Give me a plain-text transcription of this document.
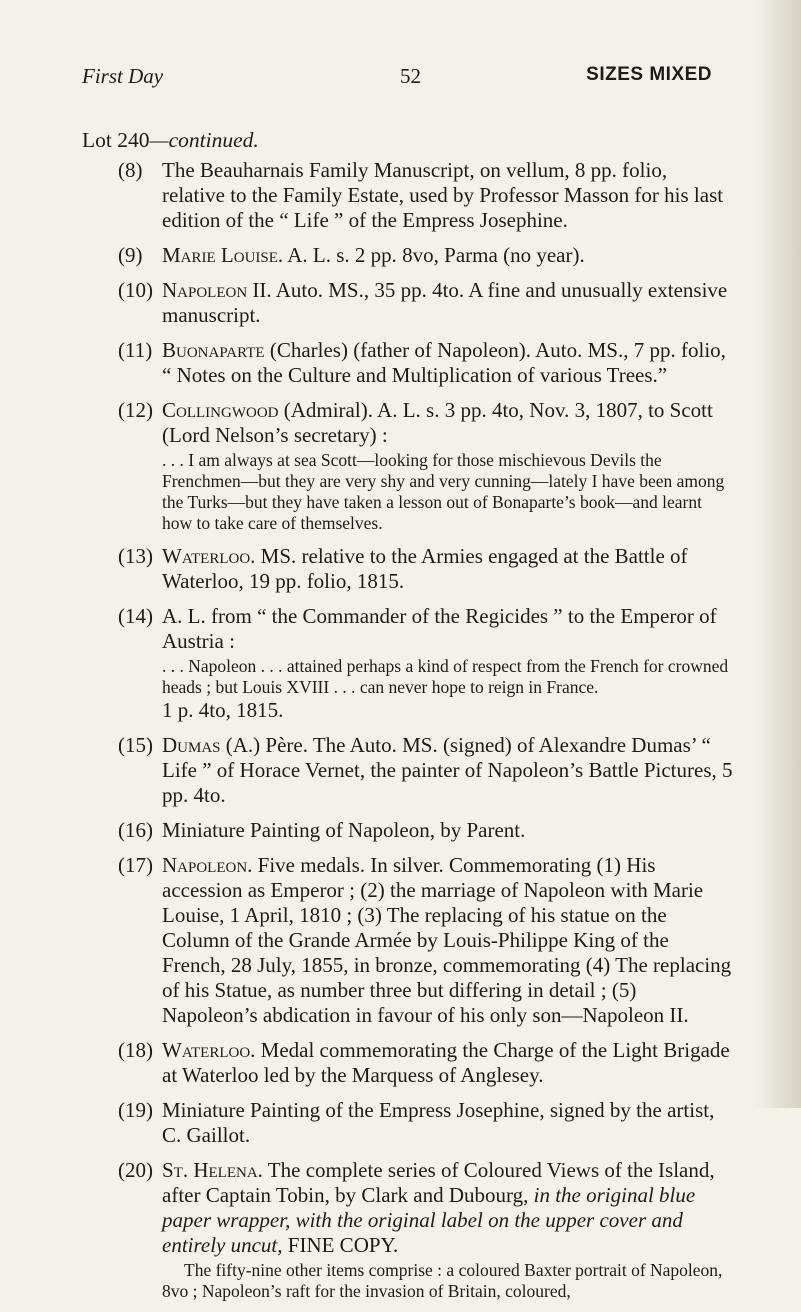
First Day	52	SIZES MIXED
Lot 240—continued.
(8) The Beauharnais Family Manuscript, on vellum, 8 pp. folio, relative to the Family Estate, used by Professor Masson for his last edition of the “ Life ” of the Empress Josephine.
(9) Marie Louise. A. L. s. 2 pp. 8vo, Parma (no year).
(10) Napoleon II. Auto. MS., 35 pp. 4to. A fine and unusually extensive manuscript.
(11) Buonaparte (Charles) (father of Napoleon). Auto. MS., 7 pp. folio, “ Notes on the Culture and Multiplication of various Trees.”
(12) Collingwood (Admiral). A. L. s. 3 pp. 4to, Nov. 3, 1807, to Scott (Lord Nelson’s secretary) :
. . . I am always at sea Scott—looking for those mischievous Devils the Frenchmen—but they are very shy and very cunning—lately I have been among the Turks—but they have taken a lesson out of Bonaparte’s book—and learnt how to take care of themselves.
(13) Waterloo. MS. relative to the Armies engaged at the Battle of Waterloo, 19 pp. folio, 1815.
(14) A. L. from “ the Commander of the Regicides ” to the Emperor of Austria :
. . . Napoleon . . . attained perhaps a kind of respect from the French for crowned heads ; but Louis XVIII . . . can never hope to reign in France.
1 p. 4to, 1815.
(15) Dumas (A.) Père. The Auto. MS. (signed) of Alexandre Dumas’ “ Life ” of Horace Vernet, the painter of Napoleon’s Battle Pictures, 5 pp. 4to.
(16) Miniature Painting of Napoleon, by Parent.
(17) Napoleon. Five medals. In silver. Commemorating (1) His accession as Emperor ; (2) the marriage of Napoleon with Marie Louise, 1 April, 1810 ; (3) The replacing of his statue on the Column of the Grande Armée by Louis-Philippe King of the French, 28 July, 1855, in bronze, commemorating (4) The replacing of his Statue, as number three but differing in detail ; (5) Napoleon’s abdication in favour of his only son—Napoleon II.
(18) Waterloo. Medal commemorating the Charge of the Light Brigade at Waterloo led by the Marquess of Anglesey.
(19) Miniature Painting of the Empress Josephine, signed by the artist, C. Gaillot.
(20) St. Helena. The complete series of Coloured Views of the Island, after Captain Tobin, by Clark and Dubourg, in the original blue paper wrapper, with the original label on the upper cover and entirely uncut, FINE COPY.
The fifty-nine other items comprise : a coloured Baxter portrait of Napoleon, 8vo ; Napoleon’s raft for the invasion of Britain, coloured,
